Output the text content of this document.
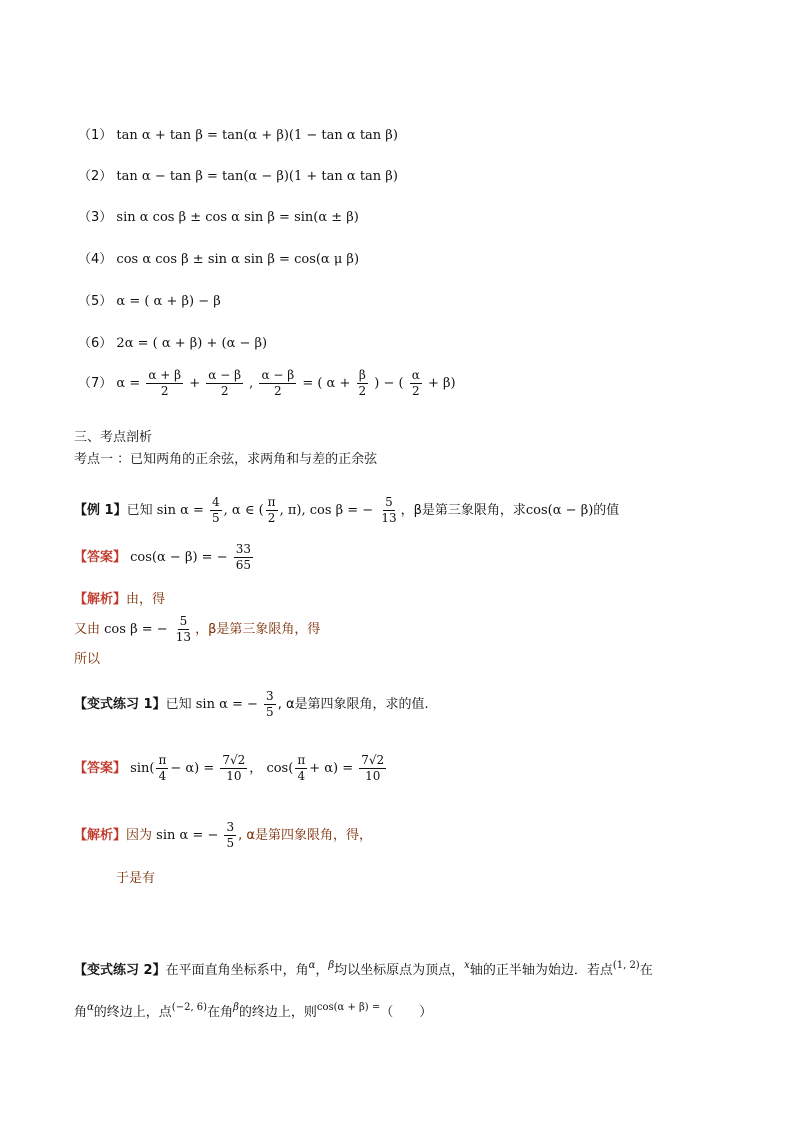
（1） tan α + tan β = tan(α + β)(1 − tan α tan β)
（2） tan α − tan β = tan(α − β)(1 + tan α tan β)
（3） sin α cos β ± cos α sin β = sin(α ± β)
（4） cos α cos β ± sin α sin β = cos(α μ β)
（5） α = ( α + β) − β
（6） 2α = ( α + β) + (α − β)
（7） $\alpha = \frac{\alpha + \beta}{2} + \frac{\alpha - \beta}{2}$ , $\frac{\alpha - \beta}{2}$ = ( $\alpha + \frac{\beta}{2}$ ) − ( $\frac{\alpha}{2} + \beta$)
三、考点剖析
考点一 ：已知两角的正余弦，求两角和与差的正余弦
【例 1】已知 $\sin \alpha = \frac{4}{5}$ , α ∈ ( $\frac{\pi}{2}$ , π), cos β = − $\frac{5}{13}$ ，β是第三象限角，求cos(α − β)的值
【答案】 cos(α − β) = − $\frac{33}{65}$
【解析】由，得
又由 cos β = − $\frac{5}{13}$ ，β是第三象限角，得
所以
【变式练习 1】已知 sin α = − $\frac{3}{5}$ , α是第四象限角，求的值.
【答案】 $\sin( \frac{\pi}{4} - \alpha) = \frac{7√2}{10}$ ， $\cos( \frac{\pi}{4} + \alpha) = \frac{7√2}{10}$
【解析】因为 sin α = − $\frac{3}{5}$ , α是第四象限角，得，
于是有
【变式练习 2】在平面直角坐标系中，角$^\alpha$，$^\beta$均以坐标原点为顶点，$^x$轴的正半轴为始边．若点$^{(1, 2)}$在
角$^\alpha$的终边上，点$^{(-2, 6)}$在角$^\beta$的终边上，则$^{cos(\alpha + \beta) =}$（　　）
